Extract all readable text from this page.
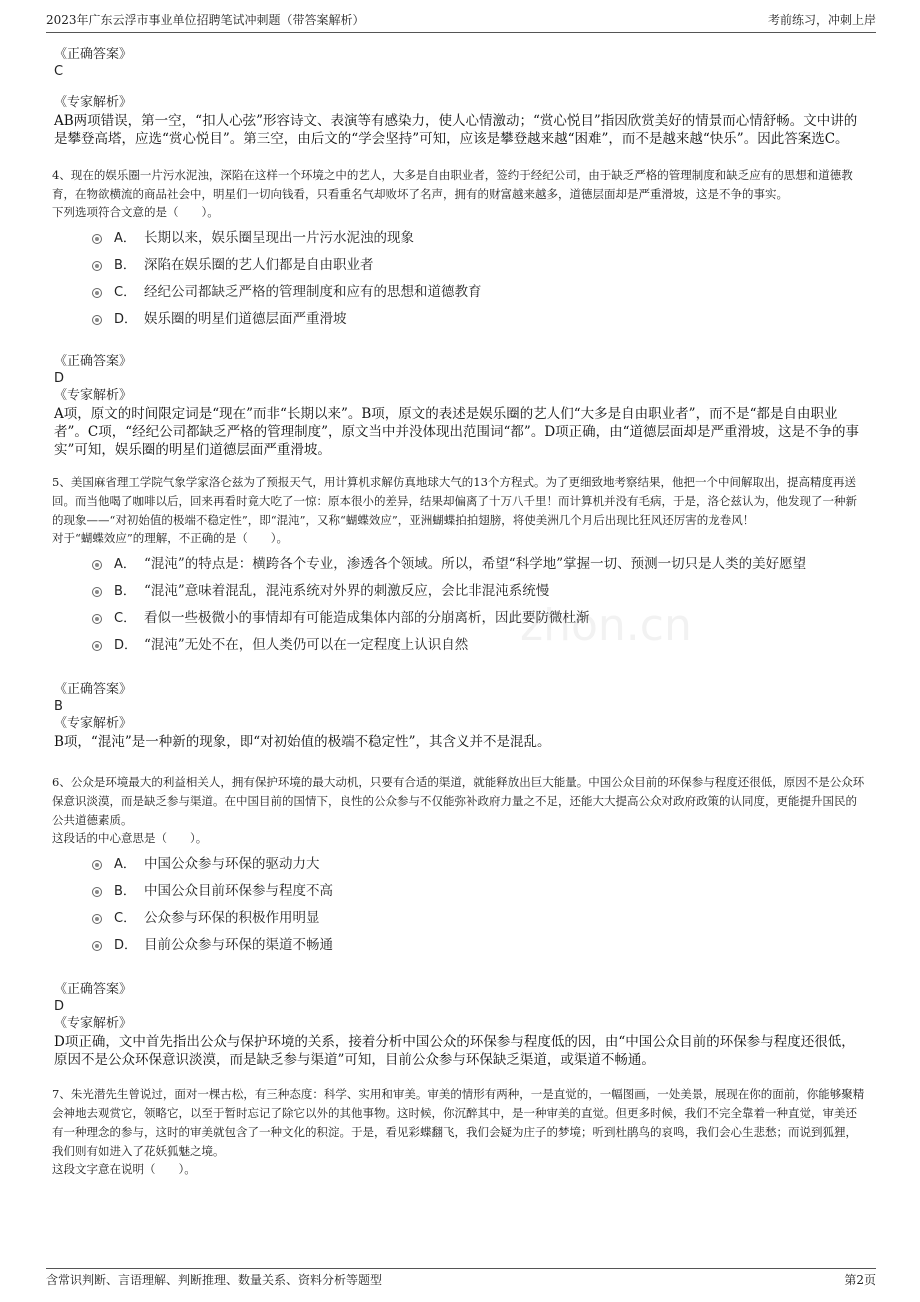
2023年广东云浮市事业单位招聘笔试冲刺题（带答案解析）	考前练习，冲刺上岸
zhon.cn
《正确答案》
C
《专家解析》
AB两项错误，第一空，“扣人心弦”形容诗文、表演等有感染力，使人心情激动；“赏心悦目”指因欣赏美好的情景而心情舒畅。文中讲的是攀登高塔，应选“赏心悦目”。第三空，由后文的“学会坚持”可知，应该是攀登越来越“困难”，而不是越来越“快乐”。因此答案选C。
4、现在的娱乐圈一片污水泥浊，深陷在这样一个环境之中的艺人，大多是自由职业者，签约于经纪公司，由于缺乏严格的管理制度和缺乏应有的思想和道德教育，在物欲横流的商品社会中，明星们一切向钱看，只看重名气却败坏了名声，拥有的财富越来越多，道德层面却是严重滑坡，这是不争的事实。
下列选项符合文意的是（　　）。
A． 长期以来，娱乐圈呈现出一片污水泥浊的现象
B． 深陷在娱乐圈的艺人们都是自由职业者
C． 经纪公司都缺乏严格的管理制度和应有的思想和道德教育
D． 娱乐圈的明星们道德层面严重滑坡
《正确答案》
D
《专家解析》
A项，原文的时间限定词是“现在”而非“长期以来”。B项，原文的表述是娱乐圈的艺人们“大多是自由职业者”，而不是“都是自由职业者”。C项，“经纪公司都缺乏严格的管理制度”，原文当中并没体现出范围词“都”。D项正确，由“道德层面却是严重滑坡，这是不争的事实”可知，娱乐圈的明星们道德层面严重滑坡。
5、美国麻省理工学院气象学家洛仑兹为了预报天气，用计算机求解仿真地球大气的13个方程式。为了更细致地考察结果，他把一个中间解取出，提高精度再送回。而当他喝了咖啡以后，回来再看时竟大吃了一惊：原本很小的差异，结果却偏离了十万八千里！而计算机并没有毛病，于是，洛仑兹认为，他发现了一种新的现象——“对初始值的极端不稳定性”，即“混沌”，又称“蝴蝶效应”，亚洲蝴蝶拍拍翅膀，将使美洲几个月后出现比狂风还厉害的龙卷风！
对于“蝴蝶效应”的理解，不正确的是（　　）。
A． “混沌”的特点是：横跨各个专业，渗透各个领域。所以，希望“科学地”掌握一切、预测一切只是人类的美好愿望
B． “混沌”意味着混乱，混沌系统对外界的刺激反应，会比非混沌系统慢
C． 看似一些极微小的事情却有可能造成集体内部的分崩离析，因此要防微杜渐
D． “混沌”无处不在，但人类仍可以在一定程度上认识自然
《正确答案》
B
《专家解析》
B项，“混沌”是一种新的现象，即“对初始值的极端不稳定性”，其含义并不是混乱。
6、公众是环境最大的利益相关人，拥有保护环境的最大动机，只要有合适的渠道，就能释放出巨大能量。中国公众目前的环保参与程度还很低，原因不是公众环保意识淡漠，而是缺乏参与渠道。在中国目前的国情下，良性的公众参与不仅能弥补政府力量之不足，还能大大提高公众对政府政策的认同度，更能提升国民的公共道德素质。
这段话的中心意思是（　　）。
A． 中国公众参与环保的驱动力大
B． 中国公众目前环保参与程度不高
C． 公众参与环保的积极作用明显
D． 目前公众参与环保的渠道不畅通
《正确答案》
D
《专家解析》
D项正确，文中首先指出公众与保护环境的关系，接着分析中国公众的环保参与程度低的因，由“中国公众目前的环保参与程度还很低，原因不是公众环保意识淡漠，而是缺乏参与渠道”可知，目前公众参与环保缺乏渠道，或渠道不畅通。
7、朱光潜先生曾说过，面对一棵古松，有三种态度：科学、实用和审美。审美的情形有两种，一是直觉的，一幅图画，一处美景，展现在你的面前，你能够聚精会神地去观赏它，领略它，以至于暂时忘记了除它以外的其他事物。这时候，你沉醉其中，是一种审美的直觉。但更多时候，我们不完全靠着一种直觉，审美还有一种理念的参与，这时的审美就包含了一种文化的积淀。于是，看见彩蝶翻飞，我们会疑为庄子的梦境；听到杜鹃鸟的哀鸣，我们会心生悲愁；而说到狐狸，我们则有如进入了花妖狐魅之境。
这段文字意在说明（　　）。
含常识判断、言语理解、判断推理、数量关系、资料分析等题型	第2页
